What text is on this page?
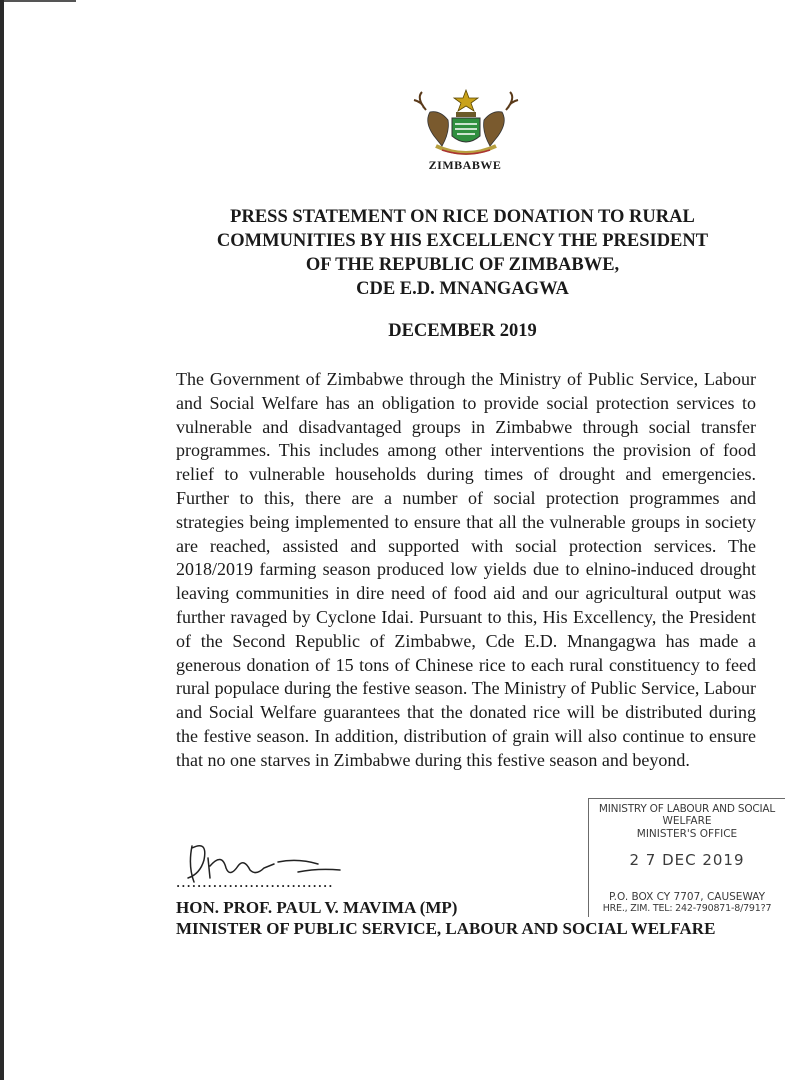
ZIMBABWE
PRESS STATEMENT ON RICE DONATION TO RURAL
COMMUNITIES BY HIS EXCELLENCY THE PRESIDENT
OF THE REPUBLIC OF ZIMBABWE,
CDE E.D. MNANGAGWA
DECEMBER 2019

The Government of Zimbabwe through the Ministry of Public Service, Labour and Social Welfare has an obligation to provide social protection services to vulnerable and disadvantaged groups in Zimbabwe through social transfer programmes. This includes among other interventions the provision of food relief to vulnerable households during times of drought and emergencies. Further to this, there are a number of social protection programmes and strategies being implemented to ensure that all the vulnerable groups in society are reached, assisted and supported with social protection services. The 2018/2019 farming season produced low yields due to elnino-induced drought leaving communities in dire need of food aid and our agricultural output was further ravaged by Cyclone Idai. Pursuant to this, His Excellency, the President of the Second Republic of Zimbabwe, Cde E.D. Mnangagwa has made a generous donation of 15 tons of Chinese rice to each rural constituency to feed rural populace during the festive season. The Ministry of Public Service, Labour and Social Welfare guarantees that the donated rice will be distributed during the festive season. In addition, distribution of grain will also continue to ensure that no one starves in Zimbabwe during this festive season and beyond.

..............................
HON. PROF. PAUL V. MAVIMA (MP)
MINISTER OF PUBLIC SERVICE, LABOUR AND SOCIAL WELFARE
MINISTRY OF LABOUR AND SOCIAL
WELFARE
MINISTER'S OFFICE
2 7 DEC 2019
P.O. BOX CY 7707, CAUSEWAY
HRE., ZIM. TEL: 242-790871-8/791?7
